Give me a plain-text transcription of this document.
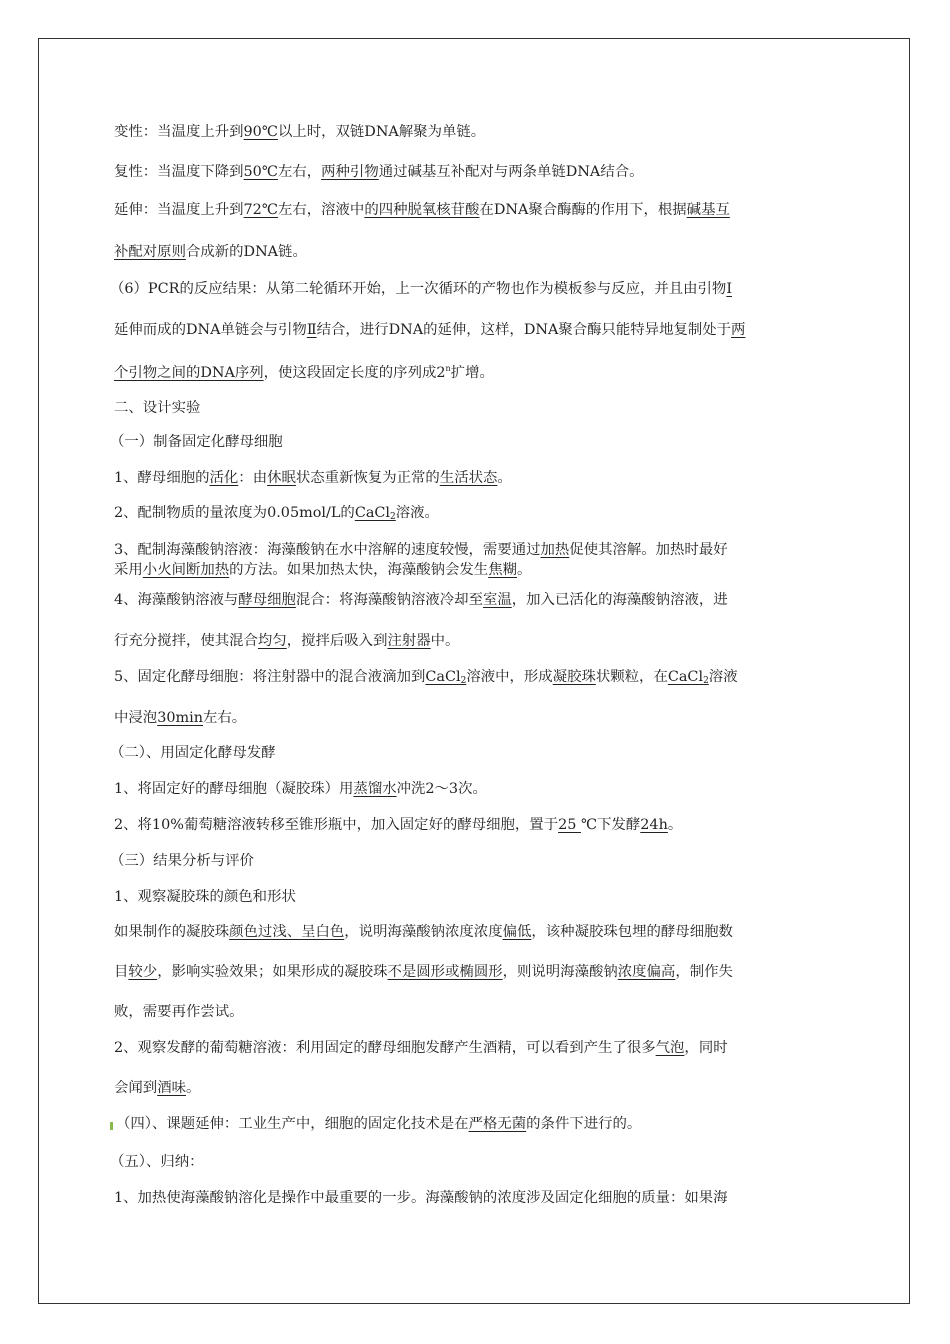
变性：当温度上升到90℃以上时，双链DNA解聚为单链。
复性：当温度下降到50℃左右，两种引物通过碱基互补配对与两条单链DNA结合。
延伸：当温度上升到72℃左右，溶液中的四种脱氧核苷酸在DNA聚合酶酶的作用下，根据碱基互
补配对原则合成新的DNA链。
（6）PCR的反应结果：从第二轮循环开始，上一次循环的产物也作为模板参与反应，并且由引物Ⅰ
延伸而成的DNA单链会与引物Ⅱ结合，进行DNA的延伸，这样，DNA聚合酶只能特异地复制处于两
个引物之间的DNA序列，使这段固定长度的序列成2$^n$扩增。
二、设计实验
（一）制备固定化酵母细胞
1、酵母细胞的活化：由休眠状态重新恢复为正常的生活状态。
2、配制物质的量浓度为0.05mol/L的CaCl$_2$溶液。
3、配制海藻酸钠溶液：海藻酸钠在水中溶解的速度较慢，需要通过加热促使其溶解。加热时最好
采用小火间断加热的方法。如果加热太快，海藻酸钠会发生焦糊。
4、海藻酸钠溶液与酵母细胞混合：将海藻酸钠溶液冷却至室温，加入已活化的海藻酸钠溶液，进
行充分搅拌，使其混合均匀，搅拌后吸入到注射器中。
5、固定化酵母细胞：将注射器中的混合液滴加到CaCl$_2$溶液中，形成凝胶珠状颗粒，在CaCl$_2$溶液
中浸泡30min左右。
（二）、用固定化酵母发酵
1、将固定好的酵母细胞（凝胶珠）用蒸馏水冲洗2～3次。
2、将10%葡萄糖溶液转移至锥形瓶中，加入固定好的酵母细胞，置于25 ℃下发酵24h。
（三）结果分析与评价
1、观察凝胶珠的颜色和形状
如果制作的凝胶珠颜色过浅、呈白色，说明海藻酸钠浓度浓度偏低，该种凝胶珠包埋的酵母细胞数
目较少，影响实验效果；如果形成的凝胶珠不是圆形或椭圆形，则说明海藻酸钠浓度偏高，制作失
败，需要再作尝试。
2、观察发酵的葡萄糖溶液：利用固定的酵母细胞发酵产生酒精，可以看到产生了很多气泡，同时
会闻到酒味。
（四）、课题延伸：工业生产中，细胞的固定化技术是在严格无菌的条件下进行的。
（五）、归纳：
1、加热使海藻酸钠溶化是操作中最重要的一步。海藻酸钠的浓度涉及固定化细胞的质量：如果海
